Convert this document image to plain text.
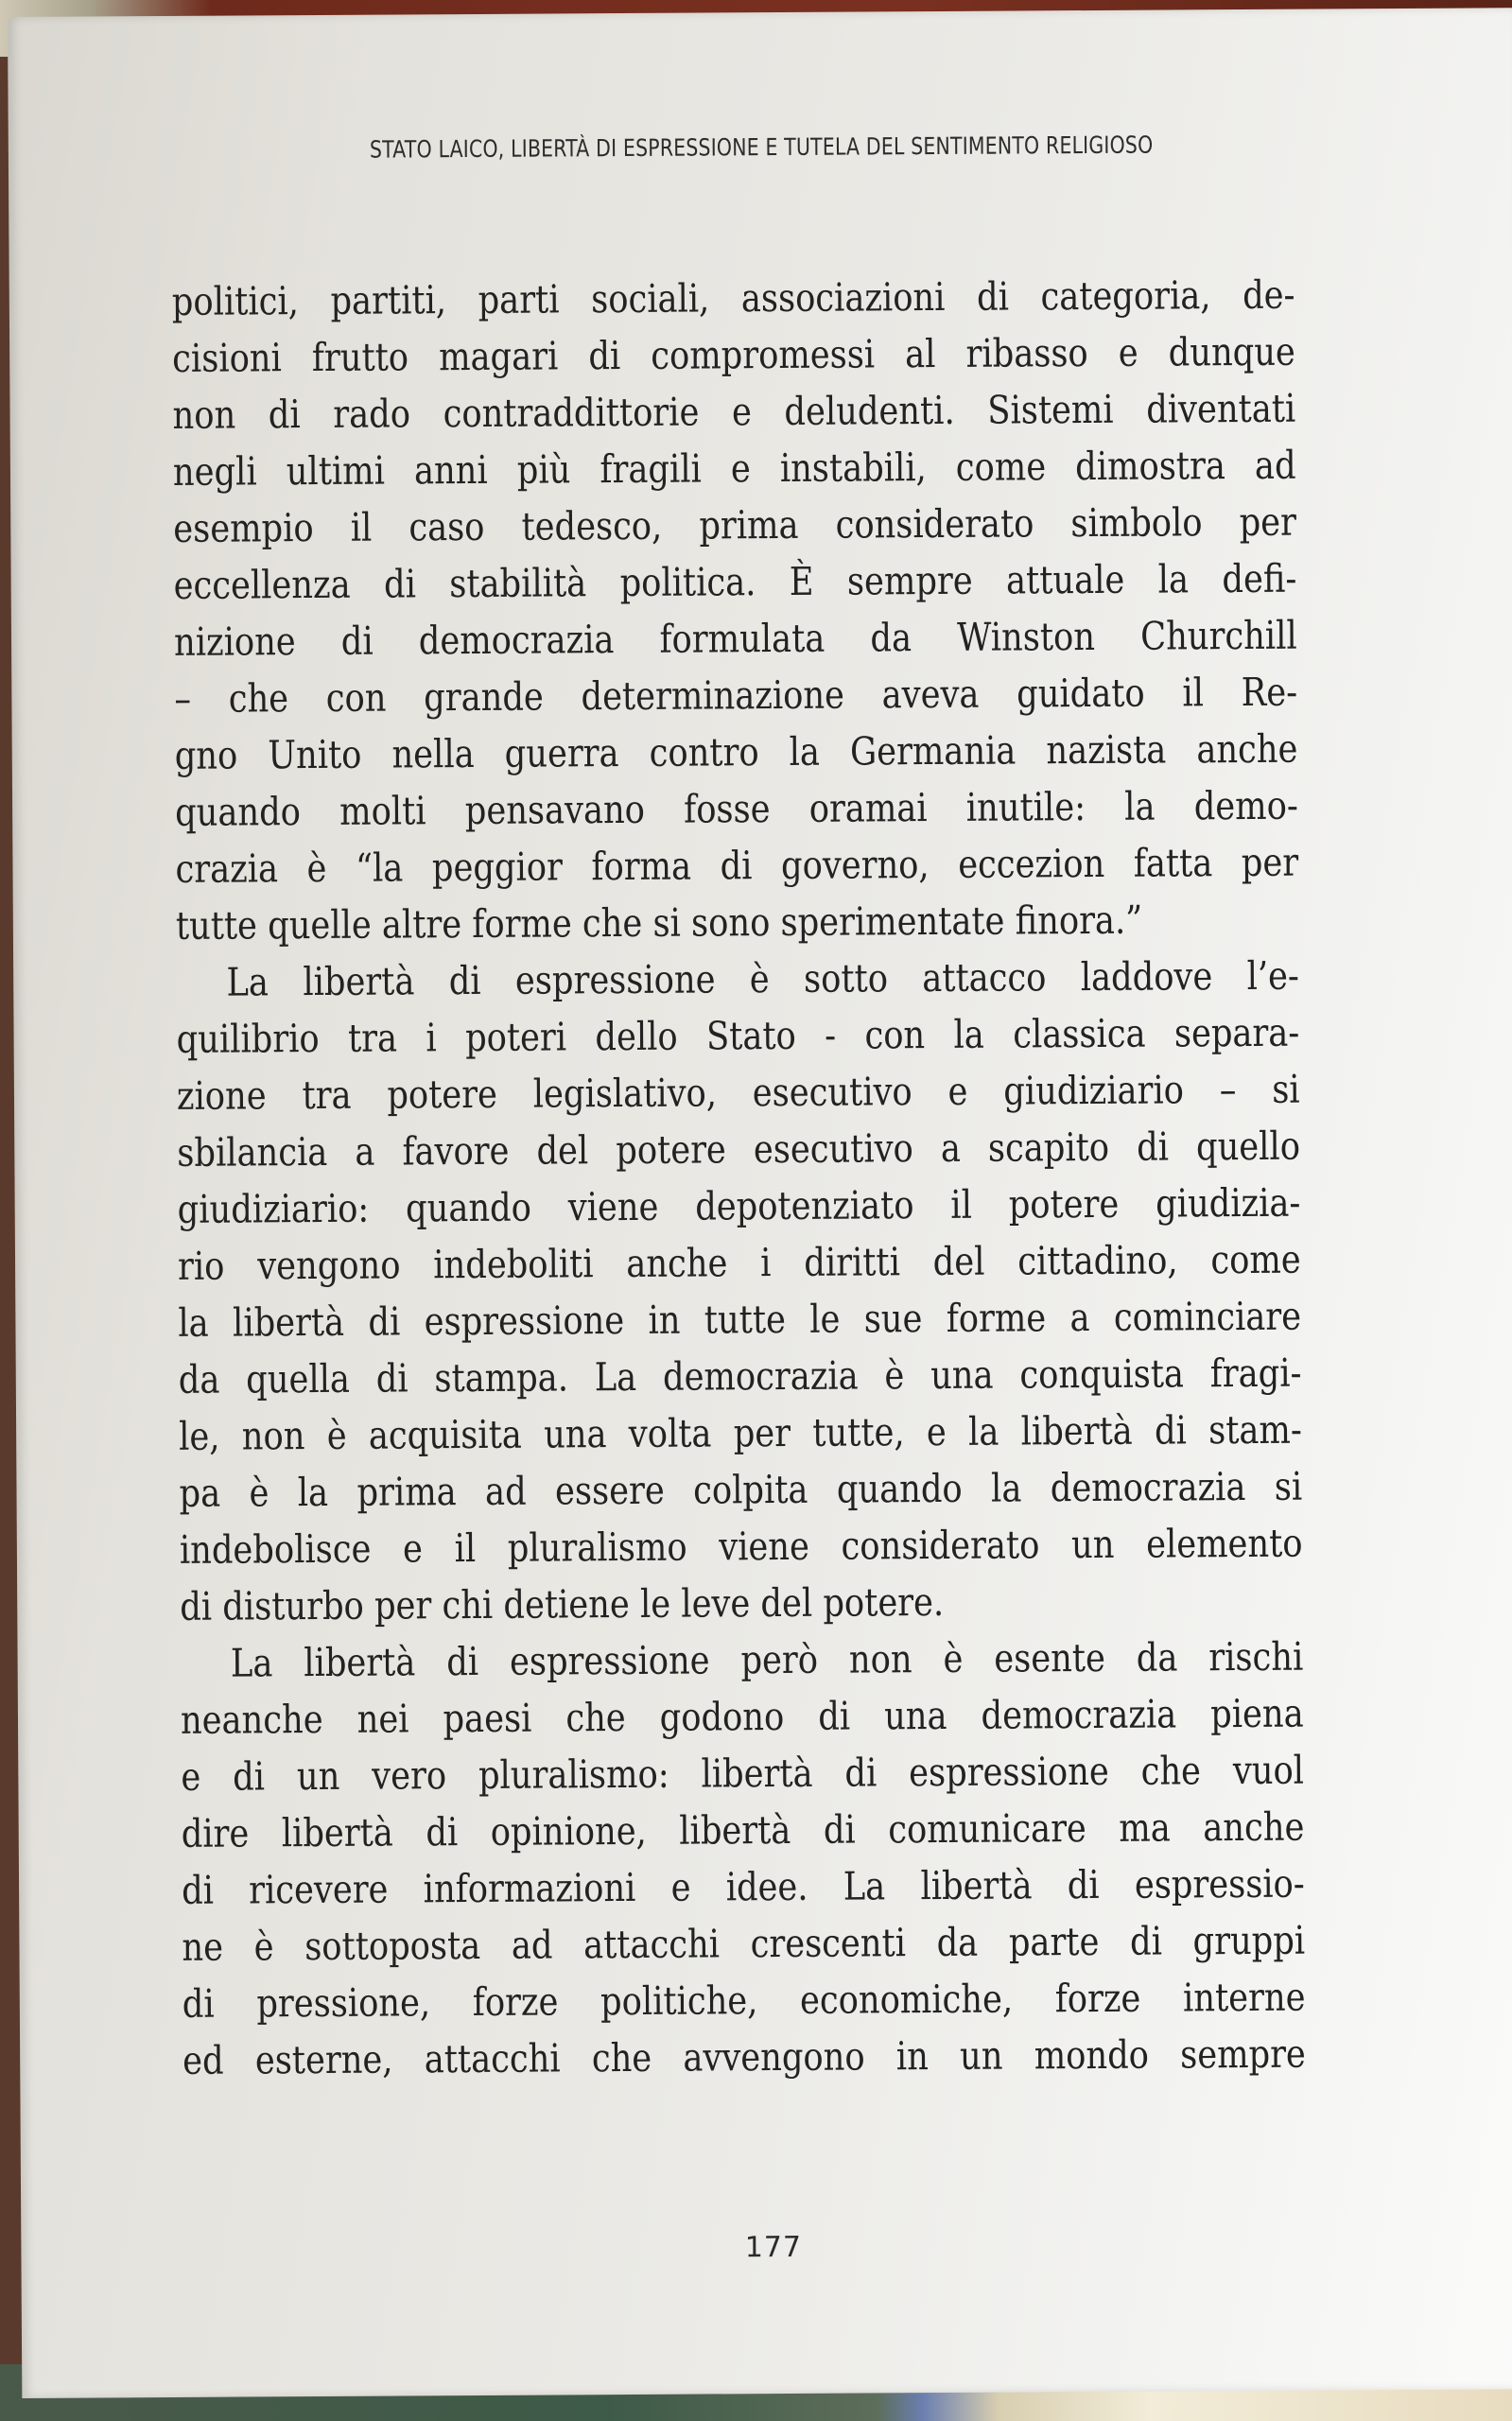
STATO LAICO, LIBERTÀ DI ESPRESSIONE E TUTELA DEL SENTIMENTO RELIGIOSO
politici, partiti, parti sociali, associazioni di categoria, de-
cisioni frutto magari di compromessi al ribasso e dunque
non di rado contraddittorie e deludenti. Sistemi diventati
negli ultimi anni più fragili e instabili, come dimostra ad
esempio il caso tedesco, prima considerato simbolo per
eccellenza di stabilità politica. È sempre attuale la defi-
nizione di democrazia formulata da Winston Churchill
– che con grande determinazione aveva guidato il Re-
gno Unito nella guerra contro la Germania nazista anche
quando molti pensavano fosse oramai inutile: la demo-
crazia è “la peggior forma di governo, eccezion fatta per
tutte quelle altre forme che si sono sperimentate finora.”
La libertà di espressione è sotto attacco laddove l’e-
quilibrio tra i poteri dello Stato - con la classica separa-
zione tra potere legislativo, esecutivo e giudiziario – si
sbilancia a favore del potere esecutivo a scapito di quello
giudiziario: quando viene depotenziato il potere giudizia-
rio vengono indeboliti anche i diritti del cittadino, come
la libertà di espressione in tutte le sue forme a cominciare
da quella di stampa. La democrazia è una conquista fragi-
le, non è acquisita una volta per tutte, e la libertà di stam-
pa è la prima ad essere colpita quando la democrazia si
indebolisce e il pluralismo viene considerato un elemento
di disturbo per chi detiene le leve del potere.
La libertà di espressione però non è esente da rischi
neanche nei paesi che godono di una democrazia piena
e di un vero pluralismo: libertà di espressione che vuol
dire libertà di opinione, libertà di comunicare ma anche
di ricevere informazioni e idee. La libertà di espressio-
ne è sottoposta ad attacchi crescenti da parte di gruppi
di pressione, forze politiche, economiche, forze interne
ed esterne, attacchi che avvengono in un mondo sempre
177
